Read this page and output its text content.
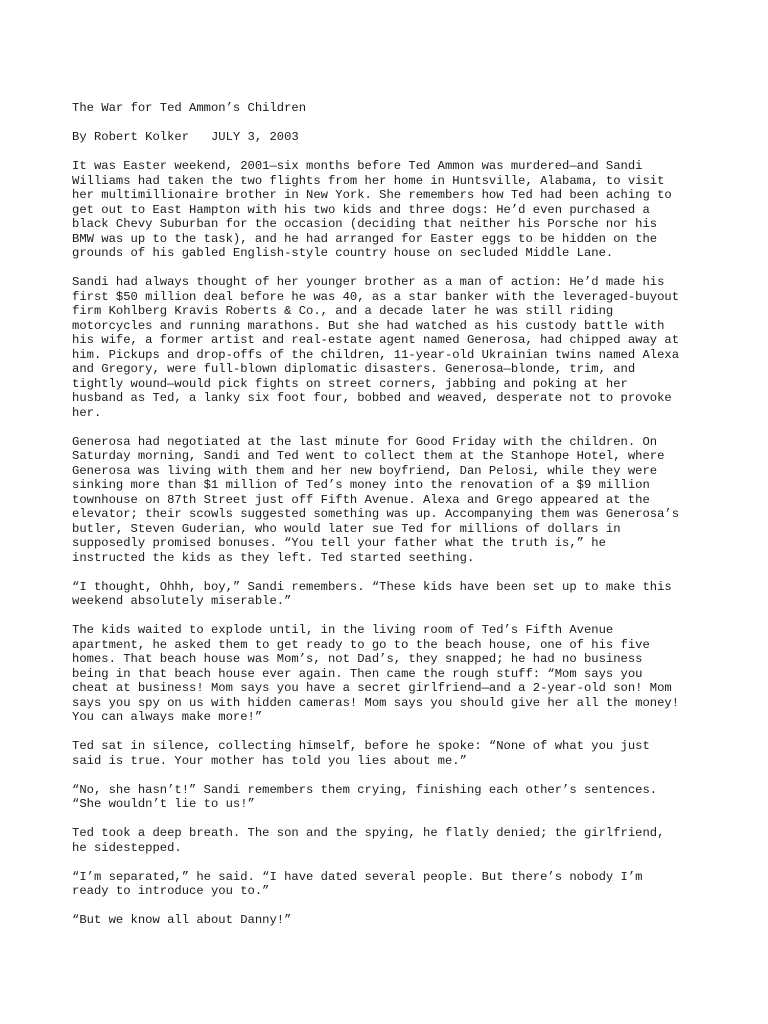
The War for Ted Ammon’s Children
By Robert Kolker   JULY 3, 2003
It was Easter weekend, 2001—six months before Ted Ammon was murdered—and Sandi
Williams had taken the two flights from her home in Huntsville, Alabama, to visit
her multimillionaire brother in New York. She remembers how Ted had been aching to
get out to East Hampton with his two kids and three dogs: He’d even purchased a
black Chevy Suburban for the occasion (deciding that neither his Porsche nor his
BMW was up to the task), and he had arranged for Easter eggs to be hidden on the
grounds of his gabled English-style country house on secluded Middle Lane.
Sandi had always thought of her younger brother as a man of action: He’d made his
first $50 million deal before he was 40, as a star banker with the leveraged-buyout
firm Kohlberg Kravis Roberts & Co., and a decade later he was still riding
motorcycles and running marathons. But she had watched as his custody battle with
his wife, a former artist and real-estate agent named Generosa, had chipped away at
him. Pickups and drop-offs of the children, 11-year-old Ukrainian twins named Alexa
and Gregory, were full-blown diplomatic disasters. Generosa—blonde, trim, and
tightly wound—would pick fights on street corners, jabbing and poking at her
husband as Ted, a lanky six foot four, bobbed and weaved, desperate not to provoke
her.
Generosa had negotiated at the last minute for Good Friday with the children. On
Saturday morning, Sandi and Ted went to collect them at the Stanhope Hotel, where
Generosa was living with them and her new boyfriend, Dan Pelosi, while they were
sinking more than $1 million of Ted’s money into the renovation of a $9 million
townhouse on 87th Street just off Fifth Avenue. Alexa and Grego appeared at the
elevator; their scowls suggested something was up. Accompanying them was Generosa’s
butler, Steven Guderian, who would later sue Ted for millions of dollars in
supposedly promised bonuses. “You tell your father what the truth is,” he
instructed the kids as they left. Ted started seething.
“I thought, Ohhh, boy,” Sandi remembers. “These kids have been set up to make this
weekend absolutely miserable.”
The kids waited to explode until, in the living room of Ted’s Fifth Avenue
apartment, he asked them to get ready to go to the beach house, one of his five
homes. That beach house was Mom’s, not Dad’s, they snapped; he had no business
being in that beach house ever again. Then came the rough stuff: “Mom says you
cheat at business! Mom says you have a secret girlfriend—and a 2-year-old son! Mom
says you spy on us with hidden cameras! Mom says you should give her all the money!
You can always make more!”
Ted sat in silence, collecting himself, before he spoke: “None of what you just
said is true. Your mother has told you lies about me.”
“No, she hasn’t!” Sandi remembers them crying, finishing each other’s sentences.
“She wouldn’t lie to us!”
Ted took a deep breath. The son and the spying, he flatly denied; the girlfriend,
he sidestepped.
“I’m separated,” he said. “I have dated several people. But there’s nobody I’m
ready to introduce you to.”
“But we know all about Danny!”
